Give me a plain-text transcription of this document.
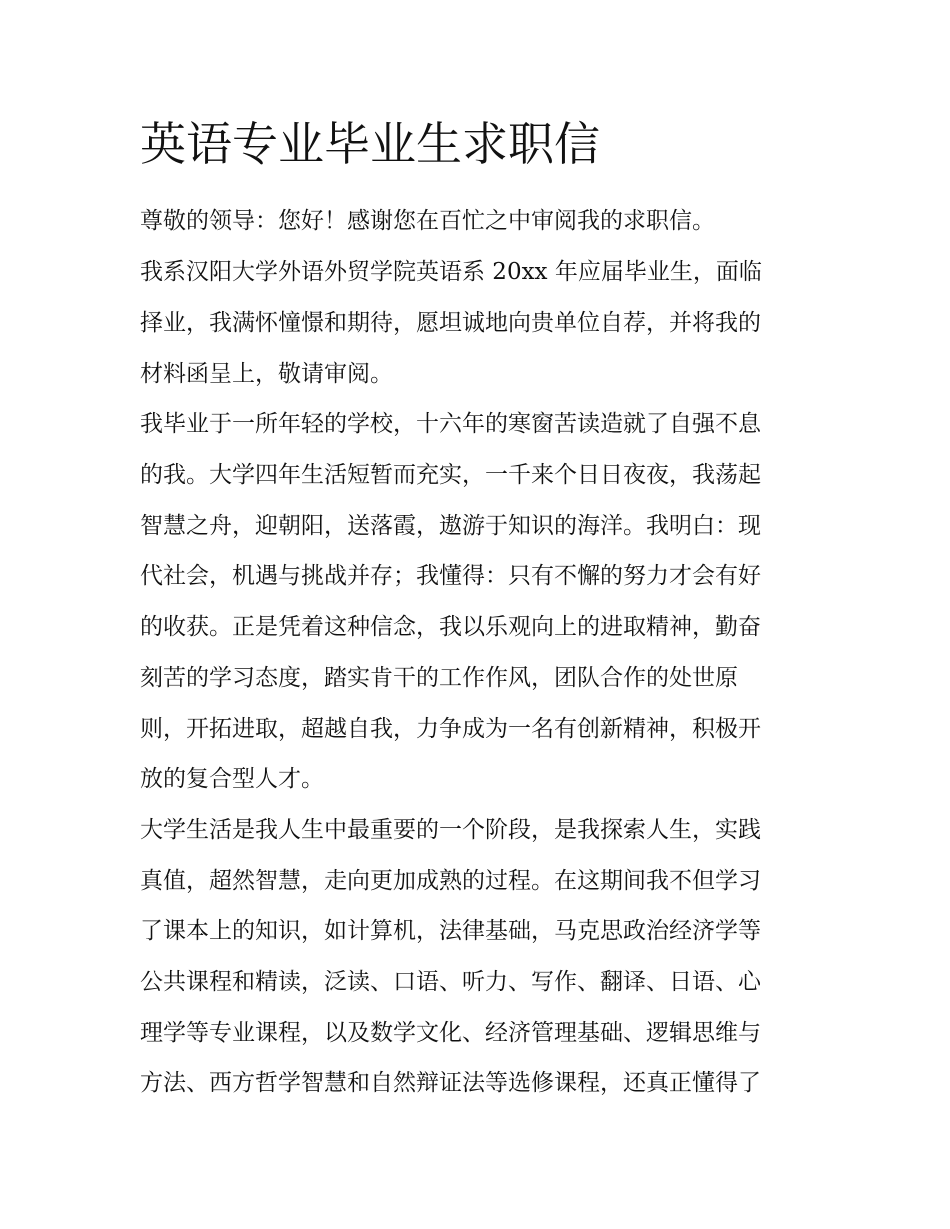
英语专业毕业生求职信

尊敬的领导：您好！感谢您在百忙之中审阅我的求职信。

我系汉阳大学外语外贸学院英语系 20xx 年应届毕业生，面临

择业，我满怀憧憬和期待，愿坦诚地向贵单位自荐，并将我的

材料函呈上，敬请审阅。

我毕业于一所年轻的学校，十六年的寒窗苦读造就了自强不息

的我。大学四年生活短暂而充实，一千来个日日夜夜，我荡起

智慧之舟，迎朝阳，送落霞，遨游于知识的海洋。我明白：现

代社会，机遇与挑战并存；我懂得：只有不懈的努力才会有好

的收获。正是凭着这种信念，我以乐观向上的进取精神，勤奋

刻苦的学习态度，踏实肯干的工作作风，团队合作的处世原

则，开拓进取，超越自我，力争成为一名有创新精神，积极开

放的复合型人才。

大学生活是我人生中最重要的一个阶段，是我探索人生，实践

真值，超然智慧，走向更加成熟的过程。在这期间我不但学习

了课本上的知识，如计算机，法律基础，马克思政治经济学等

公共课程和精读，泛读、口语、听力、写作、翻译、日语、心

理学等专业课程，以及数学文化、经济管理基础、逻辑思维与

方法、西方哲学智慧和自然辩证法等选修课程，还真正懂得了
